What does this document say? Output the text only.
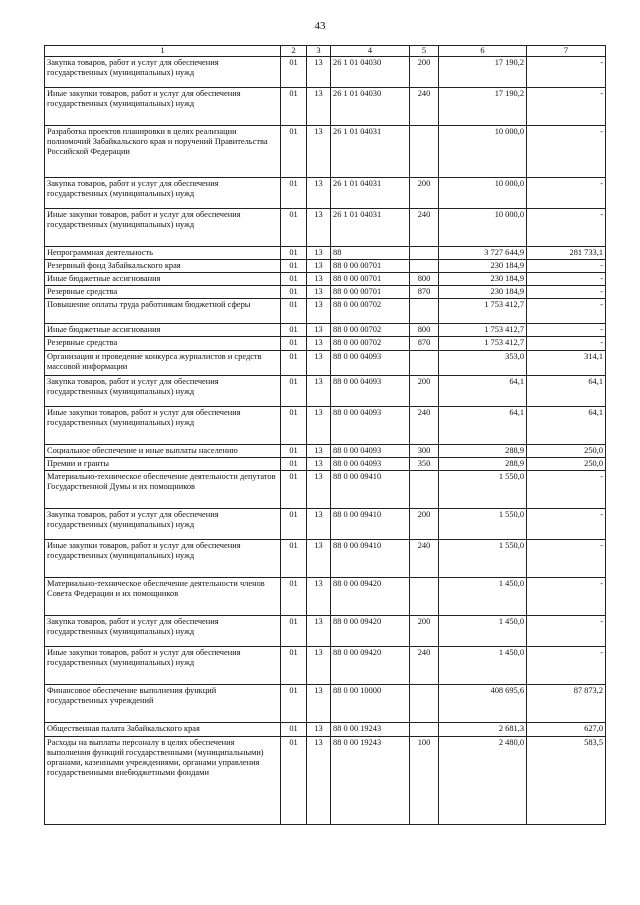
43
1	2	3	4	5	6	7
Закупка товаров, работ и услуг для обеспечения государственных (муниципальных) нужд	01	13	26 1 01 04030	200	17 190,2	-
Иные закупки товаров, работ и услуг для обеспечения государственных (муниципальных) нужд	01	13	26 1 01 04030	240	17 190,2	-
Разработка проектов планировки в целях реализации полномочий Забайкальского края и поручений Правительства Российской Федерации	01	13	26 1 01 04031		10 000,0	-
Закупка товаров, работ и услуг для обеспечения государственных (муниципальных) нужд	01	13	26 1 01 04031	200	10 000,0	-
Иные закупки товаров, работ и услуг для обеспечения государственных (муниципальных) нужд	01	13	26 1 01 04031	240	10 000,0	-
Непрограммная деятельность	01	13	88		3 727 644,9	281 733,1
Резервный фонд Забайкальского края	01	13	88 0 00 00701		230 184,9	-
Иные бюджетные ассигнования	01	13	88 0 00 00701	800	230 184,9	-
Резервные средства	01	13	88 0 00 00701	870	230 184,9	-
Повышение оплаты труда работникам бюджетной сферы	01	13	88 0 00 00702		1 753 412,7	-
Иные бюджетные ассигнования	01	13	88 0 00 00702	800	1 753 412,7	-
Резервные средства	01	13	88 0 00 00702	870	1 753 412,7	-
Организация и проведение конкурса журналистов и средств массовой информации	01	13	88 0 00 04093		353,0	314,1
Закупка товаров, работ и услуг для обеспечения государственных (муниципальных) нужд	01	13	88 0 00 04093	200	64,1	64,1
Иные закупки товаров, работ и услуг для обеспечения государственных (муниципальных) нужд	01	13	88 0 00 04093	240	64,1	64,1
Социальное обеспечение и иные выплаты населению	01	13	88 0 00 04093	300	288,9	250,0
Премии и гранты	01	13	88 0 00 04093	350	288,9	250,0
Материально-техническое обеспечение деятельности депутатов Государственной Думы и их помощников	01	13	88 0 00 09410		1 550,0	-
Закупка товаров, работ и услуг для обеспечения государственных (муниципальных) нужд	01	13	88 0 00 09410	200	1 550,0	-
Иные закупки товаров, работ и услуг для обеспечения государственных (муниципальных) нужд	01	13	88 0 00 09410	240	1 550,0	-
Материально-техническое обеспечение деятельности членов Совета Федерации и их помощников	01	13	88 0 00 09420		1 450,0	-
Закупка товаров, работ и услуг для обеспечения государственных (муниципальных) нужд	01	13	88 0 00 09420	200	1 450,0	-
Иные закупки товаров, работ и услуг для обеспечения государственных (муниципальных) нужд	01	13	88 0 00 09420	240	1 450,0	-
Финансовое обеспечение выполнения функций государственных учреждений	01	13	88 0 00 10000		408 695,6	87 873,2
Общественная палата Забайкальского края	01	13	88 0 00 19243		2 681,3	627,0
Расходы на выплаты персоналу в целях обеспечения выполнения функций государственными (муниципальными) органами, казенными учреждениями, органами управления государственными внебюджетными фондами	01	13	88 0 00 19243	100	2 480,0	583,5
